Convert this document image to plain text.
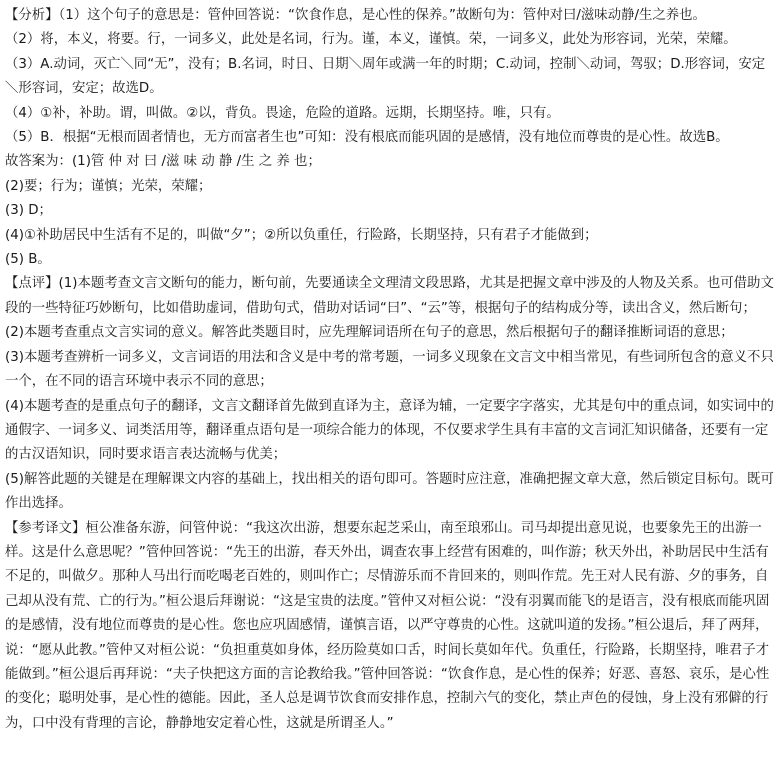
【分析】（1）这个句子的意思是：管仲回答说：“饮食作息，是心性的保养。”故断句为：管仲对曰/滋味动静/生之养也。

（2）将，本义，将要。行，一词多义，此处是名词，行为。谨，本义，谨慎。荣，一词多义，此处为形容词，光荣，荣耀。

（3）A.动词，灭亡＼同“无”，没有；B.名词，时日、日期＼周年或满一年的时期；C.动词，控制＼动词，驾驭；D.形容词，安定＼形容词，安定；故选D。

（4）①补，补助。谓，叫做。②以，背负。畏途，危险的道路。远期，长期坚持。唯，只有。

（5）B．根据“无根而固者情也，无方而富者生也”可知：没有根底而能巩固的是感情，没有地位而尊贵的是心性。故选B。

故答案为：(1)管 仲 对 曰 /滋 味 动 静 /生 之 养 也；

(2)要；行为；谨慎；光荣，荣耀；

(3) D；

(4)①补助居民中生活有不足的，叫做“夕”；②所以负重任，行险路，长期坚持，只有君子才能做到；

(5) B。

【点评】(1)本题考查文言文断句的能力，断句前，先要通读全文理清文段思路，尤其是把握文章中涉及的人物及关系。也可借助文段的一些特征巧妙断句，比如借助虚词，借助句式，借助对话词“曰”、“云”等，根据句子的结构成分等，读出含义，然后断句；

(2)本题考查重点文言实词的意义。解答此类题目时，应先理解词语所在句子的意思，然后根据句子的翻译推断词语的意思；

(3)本题考查辨析一词多义，文言词语的用法和含义是中考的常考题，一词多义现象在文言文中相当常见，有些词所包含的意义不只一个，在不同的语言环境中表示不同的意思；

(4)本题考查的是重点句子的翻译，文言文翻译首先做到直译为主，意译为辅，一定要字字落实，尤其是句中的重点词，如实词中的通假字、一词多义、词类活用等，翻译重点语句是一项综合能力的体现，不仅要求学生具有丰富的文言词汇知识储备，还要有一定的古汉语知识，同时要求语言表达流畅与优美；

(5)解答此题的关键是在理解课文内容的基础上，找出相关的语句即可。答题时应注意，准确把握文章大意，然后锁定目标句。既可作出选择。

【参考译文】桓公准备东游，问管仲说：“我这次出游，想要东起芝采山，南至琅邪山。司马却提出意见说，也要象先王的出游一样。这是什么意思呢？”管仲回答说：“先王的出游，春天外出，调查农事上经营有困难的，叫作游；秋天外出，补助居民中生活有不足的，叫做夕。那种人马出行而吃喝老百姓的，则叫作亡；尽情游乐而不肯回来的，则叫作荒。先王对人民有游、夕的事务，自己却从没有荒、亡的行为。”桓公退后拜谢说：“这是宝贵的法度。”管仲又对桓公说：“没有羽翼而能飞的是语言，没有根底而能巩固的是感情，没有地位而尊贵的是心性。您也应巩固感情，谨慎言语，以严守尊贵的心性。这就叫道的发扬。”桓公退后，拜了两拜，说：“愿从此教。”管仲又对桓公说：“负担重莫如身体，经历险莫如口舌，时间长莫如年代。负重任，行险路，长期坚持，唯君子才能做到。”桓公退后再拜说：“夫子快把这方面的言论教给我。”管仲回答说：“饮食作息，是心性的保养；好恶、喜怒、哀乐，是心性的变化；聪明处事，是心性的德能。因此，圣人总是调节饮食而安排作息，控制六气的变化，禁止声色的侵蚀，身上没有邪僻的行为，口中没有背理的言论，静静地安定着心性，这就是所谓圣人。”
